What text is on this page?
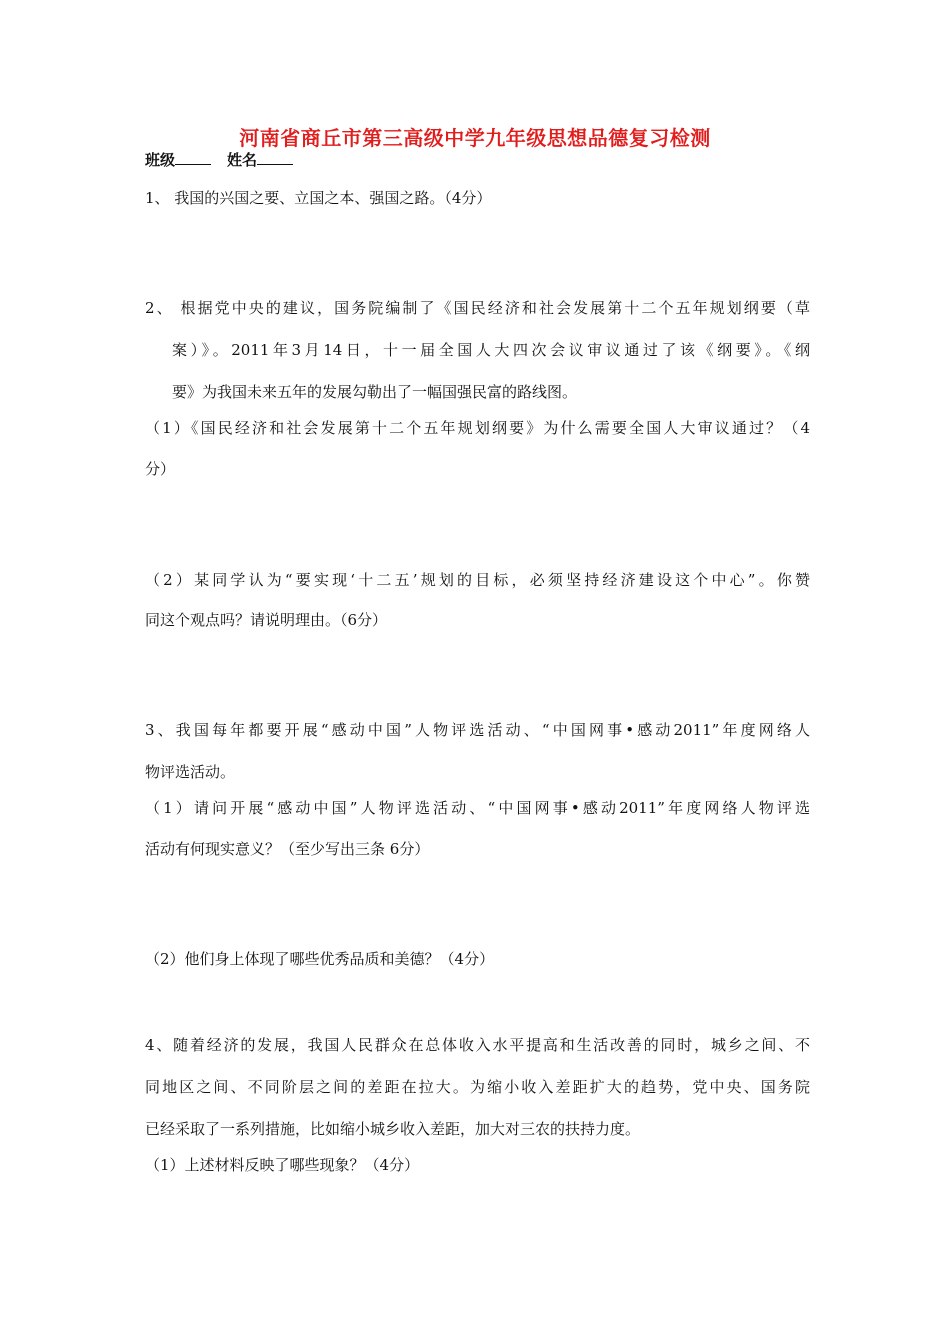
河南省商丘市第三高级中学九年级思想品德复习检测
班级	姓名
1、 我国的兴国之要、立国之本、强国之路。（4分）
2、 根据党中央的建议，国务院编制了《国民经济和社会发展第十二个五年规划纲要（草
案）》。2011年3月14日，十一届全国人大四次会议审议通过了该《纲要》。《纲
要》为我国未来五年的发展勾勒出了一幅国强民富的路线图。
（1）《国民经济和社会发展第十二个五年规划纲要》为什么需要全国人大审议通过？（4
分）
（2）某同学认为“要实现‘十二五’规划的目标，必须坚持经济建设这个中心”。你赞
同这个观点吗？请说明理由。（6分）
3、我国每年都要开展“感动中国”人物评选活动、“中国网事•感动2011”年度网络人
物评选活动。
（1）请问开展“感动中国”人物评选活动、“中国网事•感动2011”年度网络人物评选
活动有何现实意义？（至少写出三条 6分）
（2）他们身上体现了哪些优秀品质和美德？（4分）
4、随着经济的发展，我国人民群众在总体收入水平提高和生活改善的同时，城乡之间、不
同地区之间、不同阶层之间的差距在拉大。为缩小收入差距扩大的趋势，党中央、国务院
已经采取了一系列措施，比如缩小城乡收入差距，加大对三农的扶持力度。
（1）上述材料反映了哪些现象？（4分）
